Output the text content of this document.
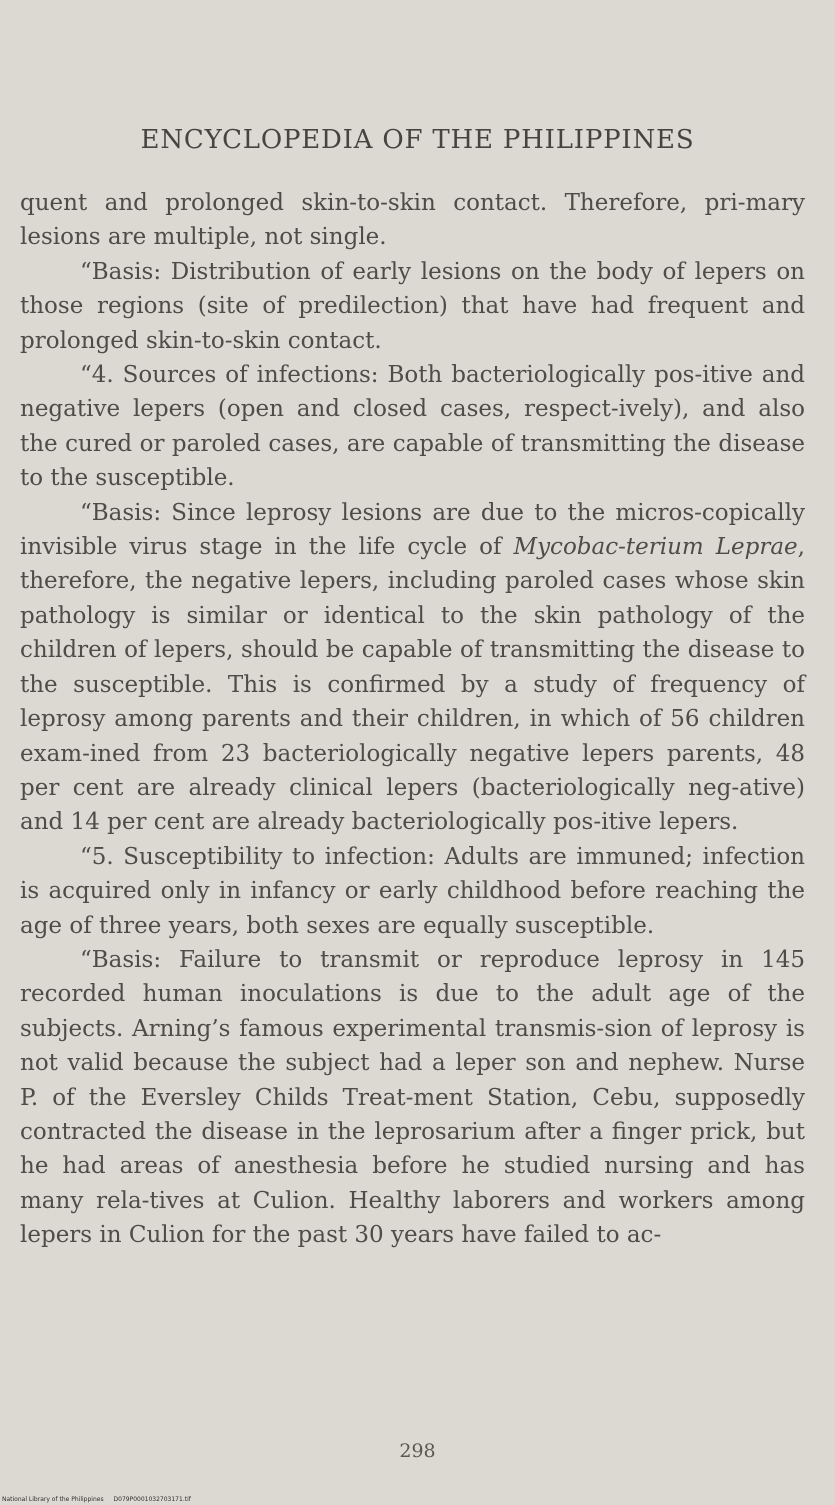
ENCYCLOPEDIA OF THE PHILIPPINES

quent and prolonged skin-to-skin contact. Therefore, pri-mary lesions are multiple, not single.

“Basis: Distribution of early lesions on the body of lepers on those regions (site of predilection) that have had frequent and prolonged skin-to-skin contact.

“4. Sources of infections: Both bacteriologically pos-itive and negative lepers (open and closed cases, respect-ively), and also the cured or paroled cases, are capable of transmitting the disease to the susceptible.

“Basis: Since leprosy lesions are due to the micros-copically invisible virus stage in the life cycle of Mycobac-terium Leprae, therefore, the negative lepers, including paroled cases whose skin pathology is similar or identical to the skin pathology of the children of lepers, should be capable of transmitting the disease to the susceptible. This is confirmed by a study of frequency of leprosy among parents and their children, in which of 56 children exam-ined from 23 bacteriologically negative lepers parents, 48 per cent are already clinical lepers (bacteriologically neg-ative) and 14 per cent are already bacteriologically pos-itive lepers.

“5. Susceptibility to infection: Adults are immuned; infection is acquired only in infancy or early childhood before reaching the age of three years, both sexes are equally susceptible.

“Basis: Failure to transmit or reproduce leprosy in 145 recorded human inoculations is due to the adult age of the subjects. Arning’s famous experimental transmis-sion of leprosy is not valid because the subject had a leper son and nephew. Nurse P. of the Eversley Childs Treat-ment Station, Cebu, supposedly contracted the disease in the leprosarium after a finger prick, but he had areas of anesthesia before he studied nursing and has many rela-tives at Culion. Healthy laborers and workers among lepers in Culion for the past 30 years have failed to ac-

298
National Library of the Philippines D079P0001032703171.tif
